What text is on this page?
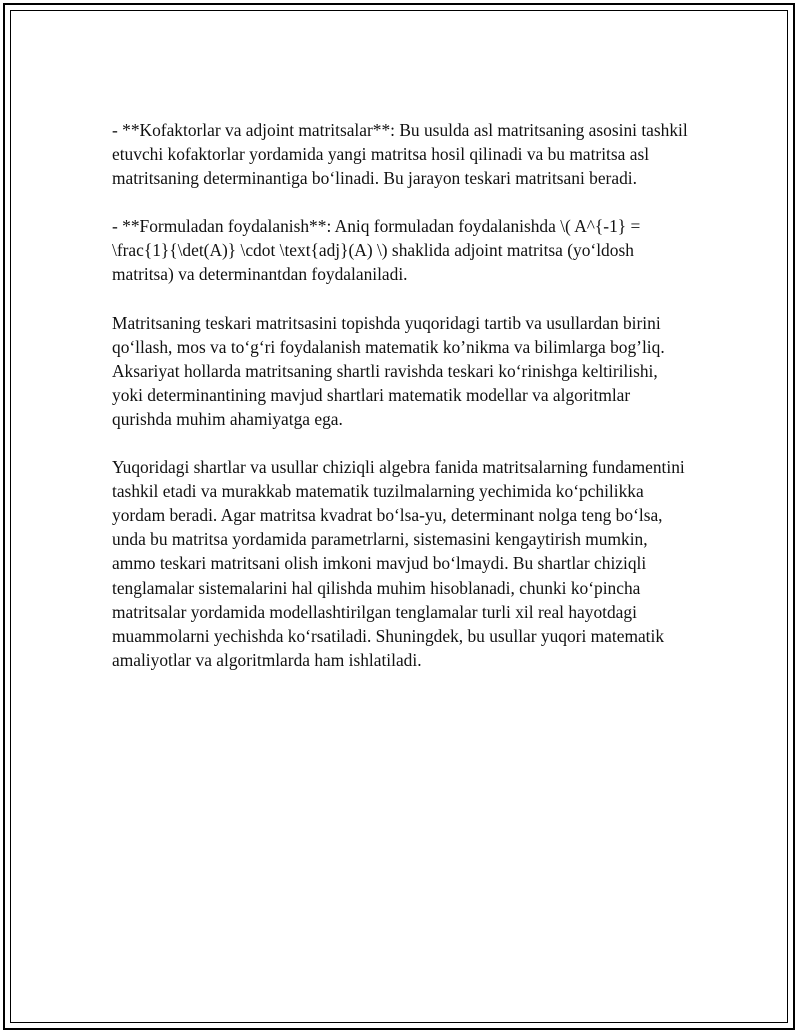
- **Kofaktorlar va adjoint matritsalar**: Bu usulda asl matritsaning asosini tashkil etuvchi kofaktorlar yordamida yangi matritsa hosil qilinadi va bu matritsa asl matritsaning determinantiga bo‘linadi. Bu jarayon teskari matritsani beradi.

- **Formuladan foydalanish**: Aniq formuladan foydalanishda \( A^{-1} = \frac{1}{\det(A)} \cdot \text{adj}(A) \) shaklida adjoint matritsa (yo‘ldosh matritsa) va determinantdan foydalaniladi.

Matritsaning teskari matritsasini topishda yuqoridagi tartib va usullardan birini qo‘llash, mos va to‘g‘ri foydalanish matematik ko’nikma va bilimlarga bog’liq. Aksariyat hollarda matritsaning shartli ravishda teskari ko‘rinishga keltirilishi, yoki determinantining mavjud shartlari matematik modellar va algoritmlar qurishda muhim ahamiyatga ega.

Yuqoridagi shartlar va usullar chiziqli algebra fanida matritsalarning fundamentini tashkil etadi va murakkab matematik tuzilmalarning yechimida ko‘pchilikka yordam beradi. Agar matritsa kvadrat bo‘lsa-yu, determinant nolga teng bo‘lsa, unda bu matritsa yordamida parametrlarni, sistemasini kengaytirish mumkin, ammo teskari matritsani olish imkoni mavjud bo‘lmaydi. Bu shartlar chiziqli tenglamalar sistemalarini hal qilishda muhim hisoblanadi, chunki ko‘pincha matritsalar yordamida modellashtirilgan tenglamalar turli xil real hayotdagi muammolarni yechishda ko‘rsatiladi. Shuningdek, bu usullar yuqori matematik amaliyotlar va algoritmlarda ham ishlatiladi.
